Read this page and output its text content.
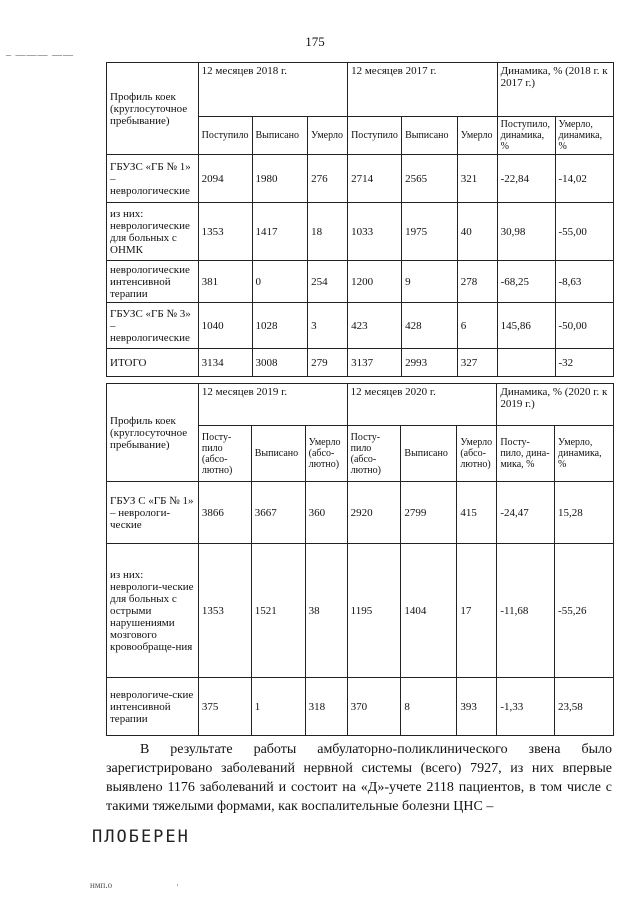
175
– ——— ——
Профиль коек (круглосуточное пребывание)	12 месяцев 2018 г.			12 месяцев 2017 г.			Динамика, % (2018 г. к 2017 г.)	
	Поступило	Выписано	Умерло	Поступило	Выписано	Умерло	Поступило, динамика, %	Умерло, динамика, %
ГБУЗС «ГБ № 1» – неврологические	2094	1980	276	2714	2565	321	-22,84	-14,02
из них: неврологические для больных с ОНМК	1353	1417	18	1033	1975	40	30,98	-55,00
неврологические интенсивной терапии	381	0	254	1200	9	278	-68,25	-8,63
ГБУЗС «ГБ № 3» – неврологические	1040	1028	3	423	428	6	145,86	-50,00
ИТОГО	3134	3008	279	3137	2993	327		-32
Профиль коек (круглосуточное пребывание)	12 месяцев 2019 г.			12 месяцев 2020 г.			Динамика, % (2020 г. к 2019 г.)	
	Посту-пило (абсо-лютно)	Выписано	Умерло (абсо-лютно)	Посту-пило (абсо-лютно)	Выписано	Умерло (абсо-лютно)	Посту-пило, дина-мика, %	Умерло, динамика, %
ГБУЗ С «ГБ № 1» – неврологи-ческие	3866	3667	360	2920	2799	415	-24,47	15,28
из них: неврологи-ческие для больных с острыми нарушениями мозгового кровообраще-ния	1353	1521	38	1195	1404	17	-11,68	-55,26
неврологиче-ские интенсивной терапии	375	1	318	370	8	393	-1,33	23,58
В результате работы амбулаторно-поликлинического звена было зарегистрировано заболеваний нервной системы (всего) 7927, из них впервые выявлено 1176 заболеваний и состоит на «Д»-учете 2118 пациентов, в том числе с такими тяжелыми формами, как воспалительные болезни ЦНС –
ПЛОБЕРЕН
нмп.о	·
